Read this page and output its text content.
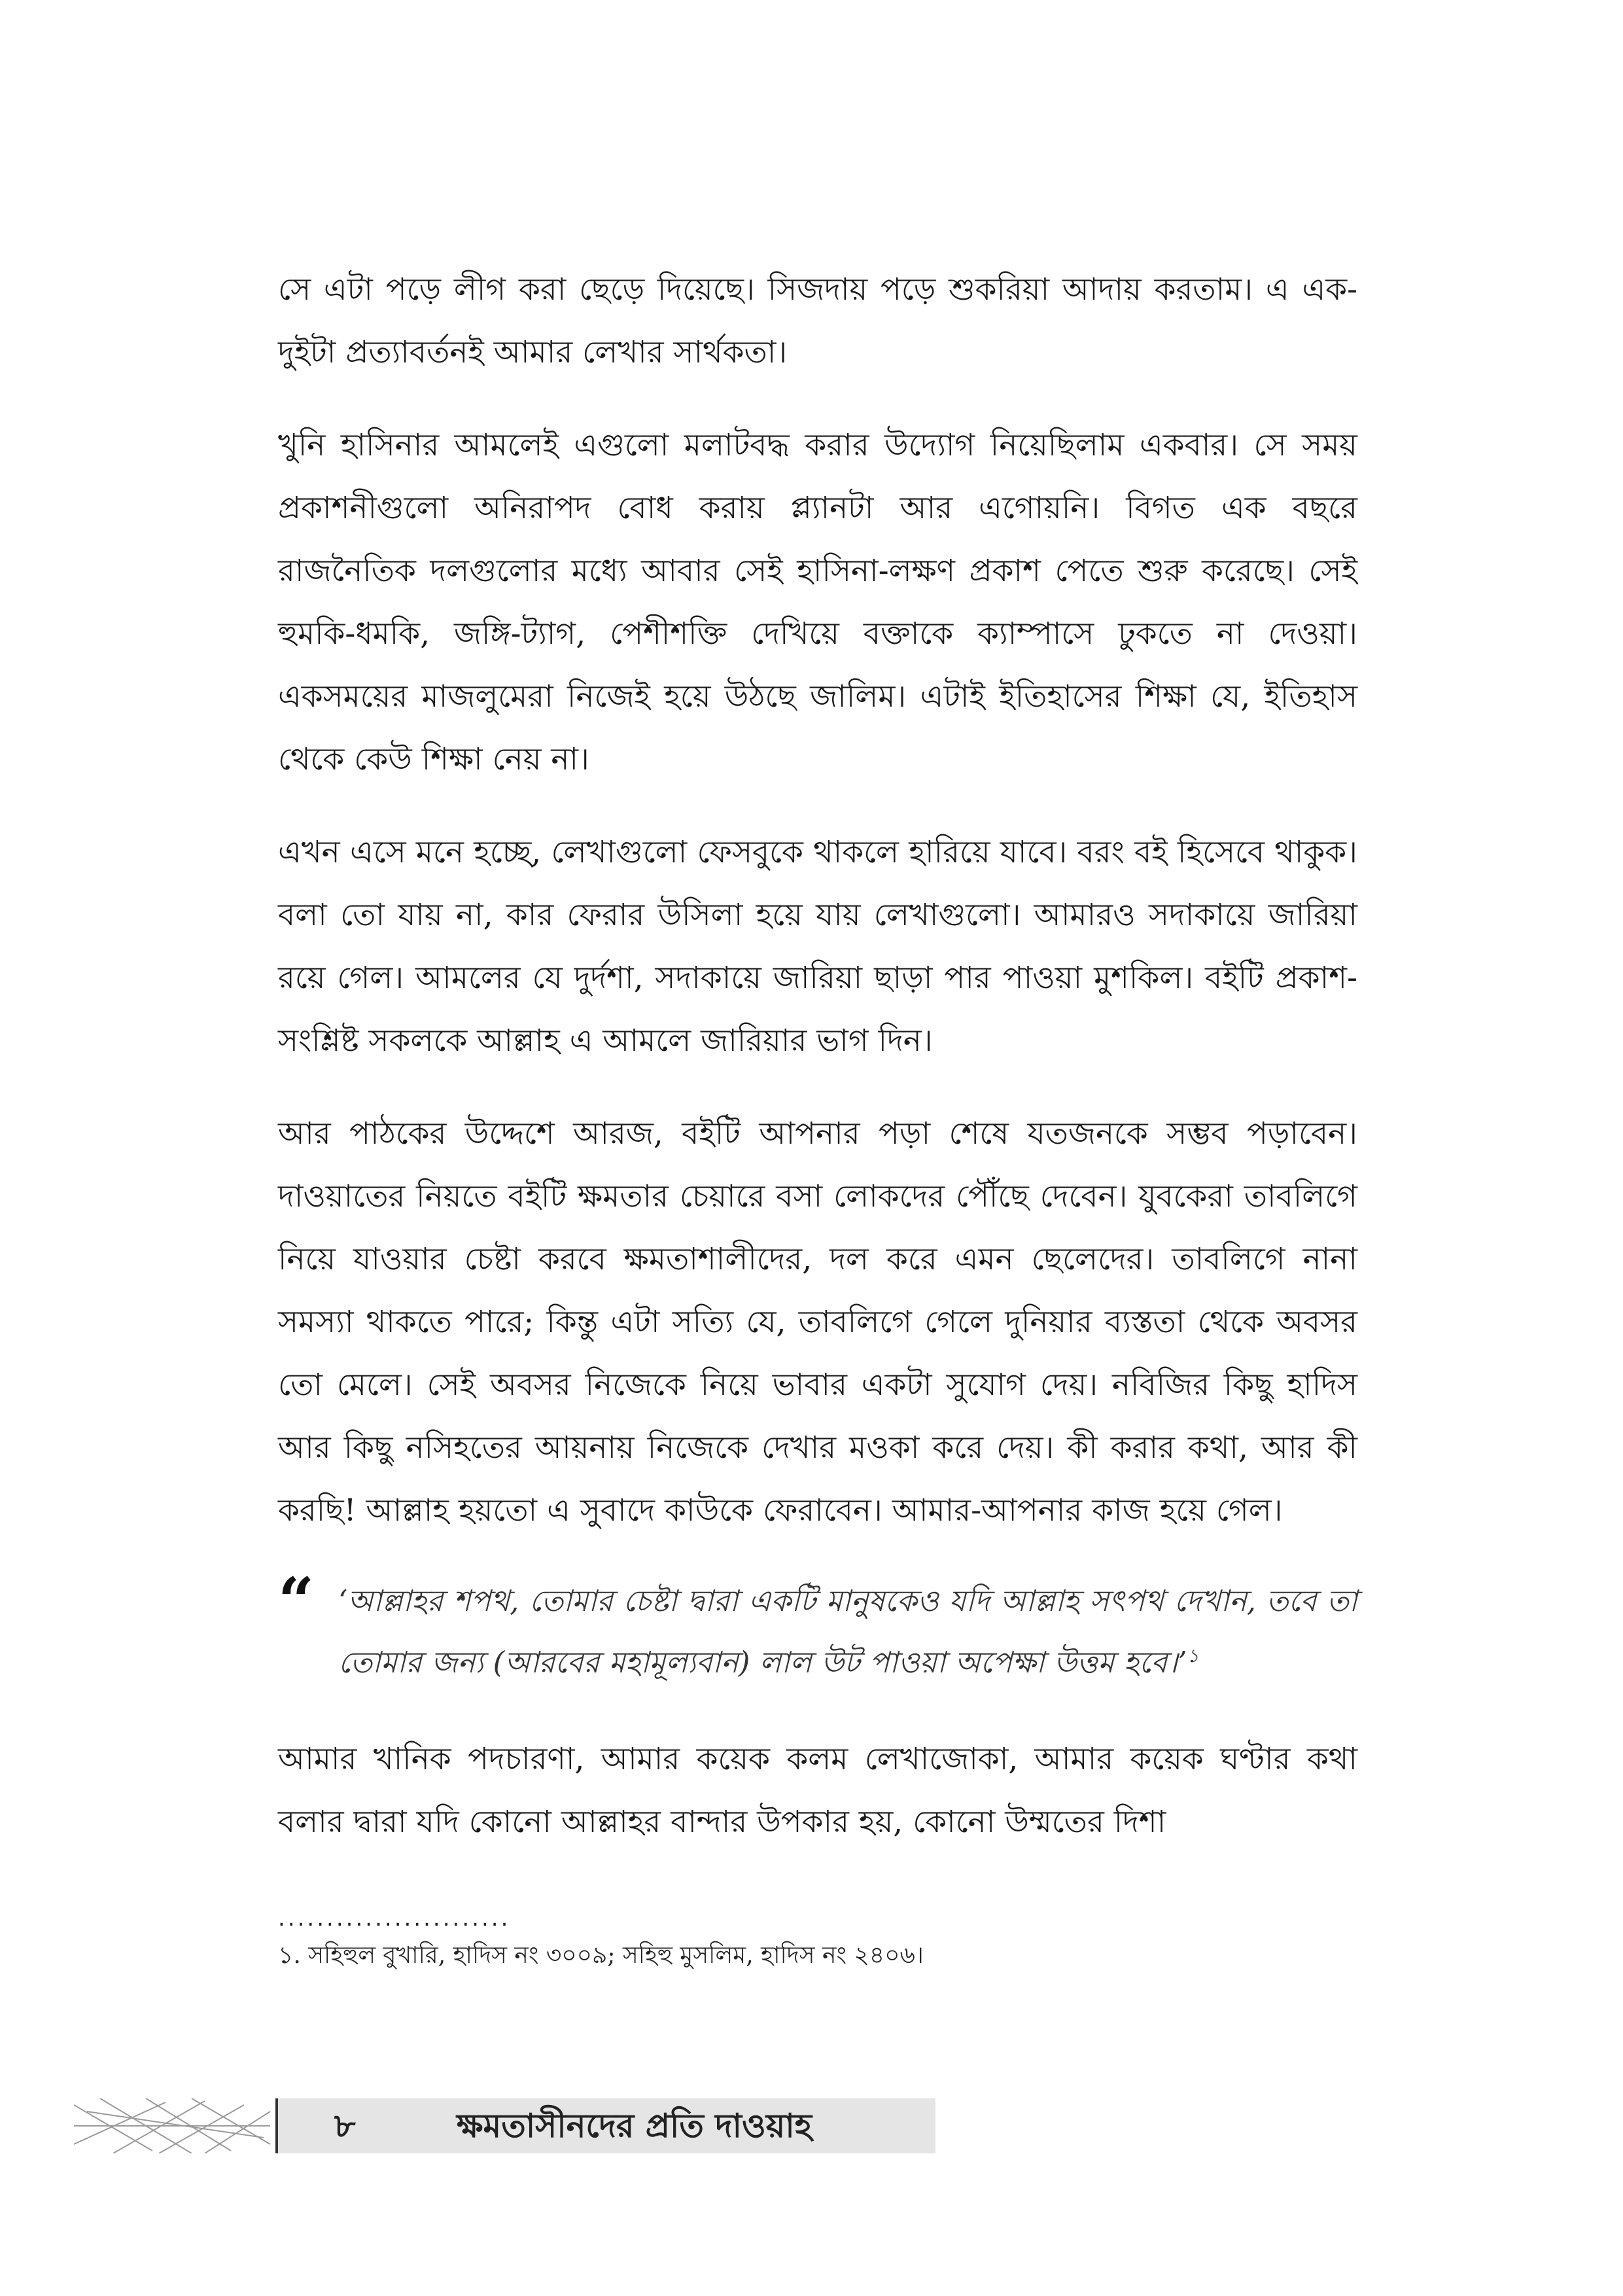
সে এটা পড়ে লীগ করা ছেড়ে দিয়েছে। সিজদায় পড়ে শুকরিয়া আদায় করতাম। এ এক-দুইটা প্রত্যাবর্তনই আমার লেখার সার্থকতা।

খুনি হাসিনার আমলেই এগুলো মলাটবদ্ধ করার উদ্যোগ নিয়েছিলাম একবার। সে সময় প্রকাশনীগুলো অনিরাপদ বোধ করায় প্ল্যানটা আর এগোয়নি। বিগত এক বছরে রাজনৈতিক দলগুলোর মধ্যে আবার সেই হাসিনা-লক্ষণ প্রকাশ পেতে শুরু করেছে। সেই হুমকি-ধমকি, জঙ্গি-ট্যাগ, পেশীশক্তি দেখিয়ে বক্তাকে ক্যাম্পাসে ঢুকতে না দেওয়া। একসময়ের মাজলুমেরা নিজেই হয়ে উঠছে জালিম। এটাই ইতিহাসের শিক্ষা যে, ইতিহাস থেকে কেউ শিক্ষা নেয় না।

এখন এসে মনে হচ্ছে, লেখাগুলো ফেসবুকে থাকলে হারিয়ে যাবে। বরং বই হিসেবে থাকুক। বলা তো যায় না, কার ফেরার উসিলা হয়ে যায় লেখাগুলো। আমারও সদাকায়ে জারিয়া রয়ে গেল। আমলের যে দুর্দশা, সদাকায়ে জারিয়া ছাড়া পার পাওয়া মুশকিল। বইটি প্রকাশ-সংশ্লিষ্ট সকলকে আল্লাহ এ আমলে জারিয়ার ভাগ দিন।

আর পাঠকের উদ্দেশে আরজ, বইটি আপনার পড়া শেষে যতজনকে সম্ভব পড়াবেন। দাওয়াতের নিয়তে বইটি ক্ষমতার চেয়ারে বসা লোকদের পৌঁছে দেবেন। যুবকেরা তাবলিগে নিয়ে যাওয়ার চেষ্টা করবে ক্ষমতাশালীদের, দল করে এমন ছেলেদের। তাবলিগে নানা সমস্যা থাকতে পারে; কিন্তু এটা সত্যি যে, তাবলিগে গেলে দুনিয়ার ব্যস্ততা থেকে অবসর তো মেলে। সেই অবসর নিজেকে নিয়ে ভাবার একটা সুযোগ দেয়। নবিজির কিছু হাদিস আর কিছু নসিহতের আয়নায় নিজেকে দেখার মওকা করে দেয়। কী করার কথা, আর কী করছি! আল্লাহ হয়তো এ সুবাদে কাউকে ফেরাবেন। আমার-আপনার কাজ হয়ে গেল।

“ ‘আল্লাহর শপথ, তোমার চেষ্টা দ্বারা একটি মানুষকেও যদি আল্লাহ সৎপথ দেখান, তবে তা তোমার জন্য (আরবের মহামূল্যবান) লাল উট পাওয়া অপেক্ষা উত্তম হবে।’$^১$

আমার খানিক পদচারণা, আমার কয়েক কলম লেখাজোকা, আমার কয়েক ঘণ্টার কথা বলার দ্বারা যদি কোনো আল্লাহর বান্দার উপকার হয়, কোনো উম্মতের দিশা

........................
১. সহিহুল বুখারি, হাদিস নং ৩০০৯; সহিহু মুসলিম, হাদিস নং ২৪০৬।
৮	ক্ষমতাসীনদের প্রতি দাওয়াহ
